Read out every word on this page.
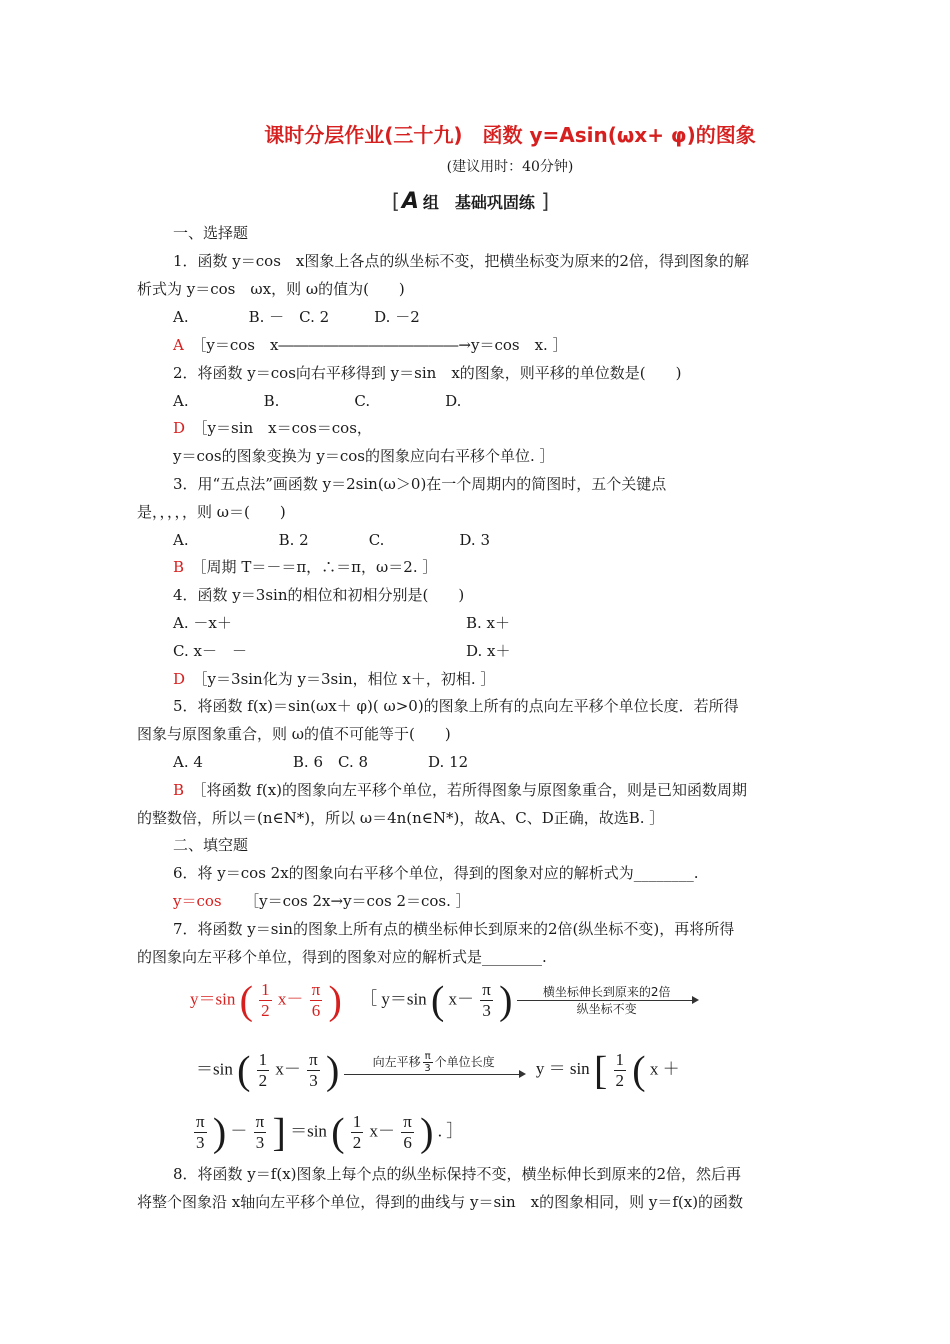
课时分层作业(三十九)　函数 y=Asin(ωx+ φ)的图象
(建议用时：40分钟)
[A 组　基础巩固练 ]
一、选择题
1．函数 y＝cos　x图象上各点的纵坐标不变，把横坐标变为原来的2倍，得到图象的解
析式为 y＝cos　ωx，则 ω的值为(　　)
A.　　　　B. －　C. 2　　　D. －2
A　 ［y＝cos　x――――――――――――→y＝cos　x. ］
2．将函数 y＝cos向右平移得到 y＝sin　x的图象，则平移的单位数是(　　)
A.　　　　　B.　　　　　C.　　　　　D.
D　 ［y＝sin　x＝cos＝cos，
y＝cos的图象变换为 y＝cos的图象应向右平移个单位. ］
3．用“五点法”画函数 y＝2sin(ω＞0)在一个周期内的简图时，五个关键点
是，，，，，则 ω＝(　　)
A.　　　　　　B. 2　　　　C.　　　　　D. 3
B　 ［周期 T＝－＝π，∴＝π，ω＝2. ］
4．函数 y＝3sin的相位和初相分别是(　　)
A. －x＋	B. x＋
C. x－　－	D. x＋
D　 ［y＝3sin化为 y＝3sin，相位 x＋，初相. ］
5．将函数 f(x)＝sin(ωx＋ φ)( ω>0)的图象上所有的点向左平移个单位长度．若所得
图象与原图象重合，则 ω的值不可能等于(　　)
A. 4　　　　　　B. 6　C. 8　　　　D. 12
B　 ［将函数 f(x)的图象向左平移个单位，若所得图象与原图象重合，则是已知函数周期
的整数倍，所以＝(n∈N*)，所以 ω＝4n(n∈N*)，故A、C、D正确，故选B. ］
二、填空题
6．将 y＝cos 2x的图象向右平移个单位，得到的图象对应的解析式为________.
y＝cos　　［y＝cos 2x→y＝cos 2＝cos. ］
7．将函数 y＝sin的图象上所有点的横坐标伸长到原来的2倍(纵坐标不变)，再将所得
的图象向左平移个单位，得到的图象对应的解析式是________.
8．将函数 y＝f(x)图象上每个点的纵坐标保持不变，横坐标伸长到原来的2倍，然后再
将整个图象沿 x轴向左平移个单位，得到的曲线与 y＝sin　x的图象相同，则 y＝f(x)的函数
y＝sin ( $\frac{1}{2} x- \frac{\pi}{6}$ ) ［ y＝sin ( $x- \frac{\pi}{3}$ )	横坐标伸长到原来的2倍
纵坐标不变
＝sin ( $\frac{1}{2} x- \frac{\pi}{3}$ )	向左平移 $\frac{\pi}{3}$ 个单位长度
	y ＝ sin [ $\frac{1}{2}$ ( x ＋
$\frac{\pi}{3}$ ) － $\frac{\pi}{3}$ ] ＝sin ( $\frac{1}{2} x- \frac{\pi}{6}$ ) . ］
